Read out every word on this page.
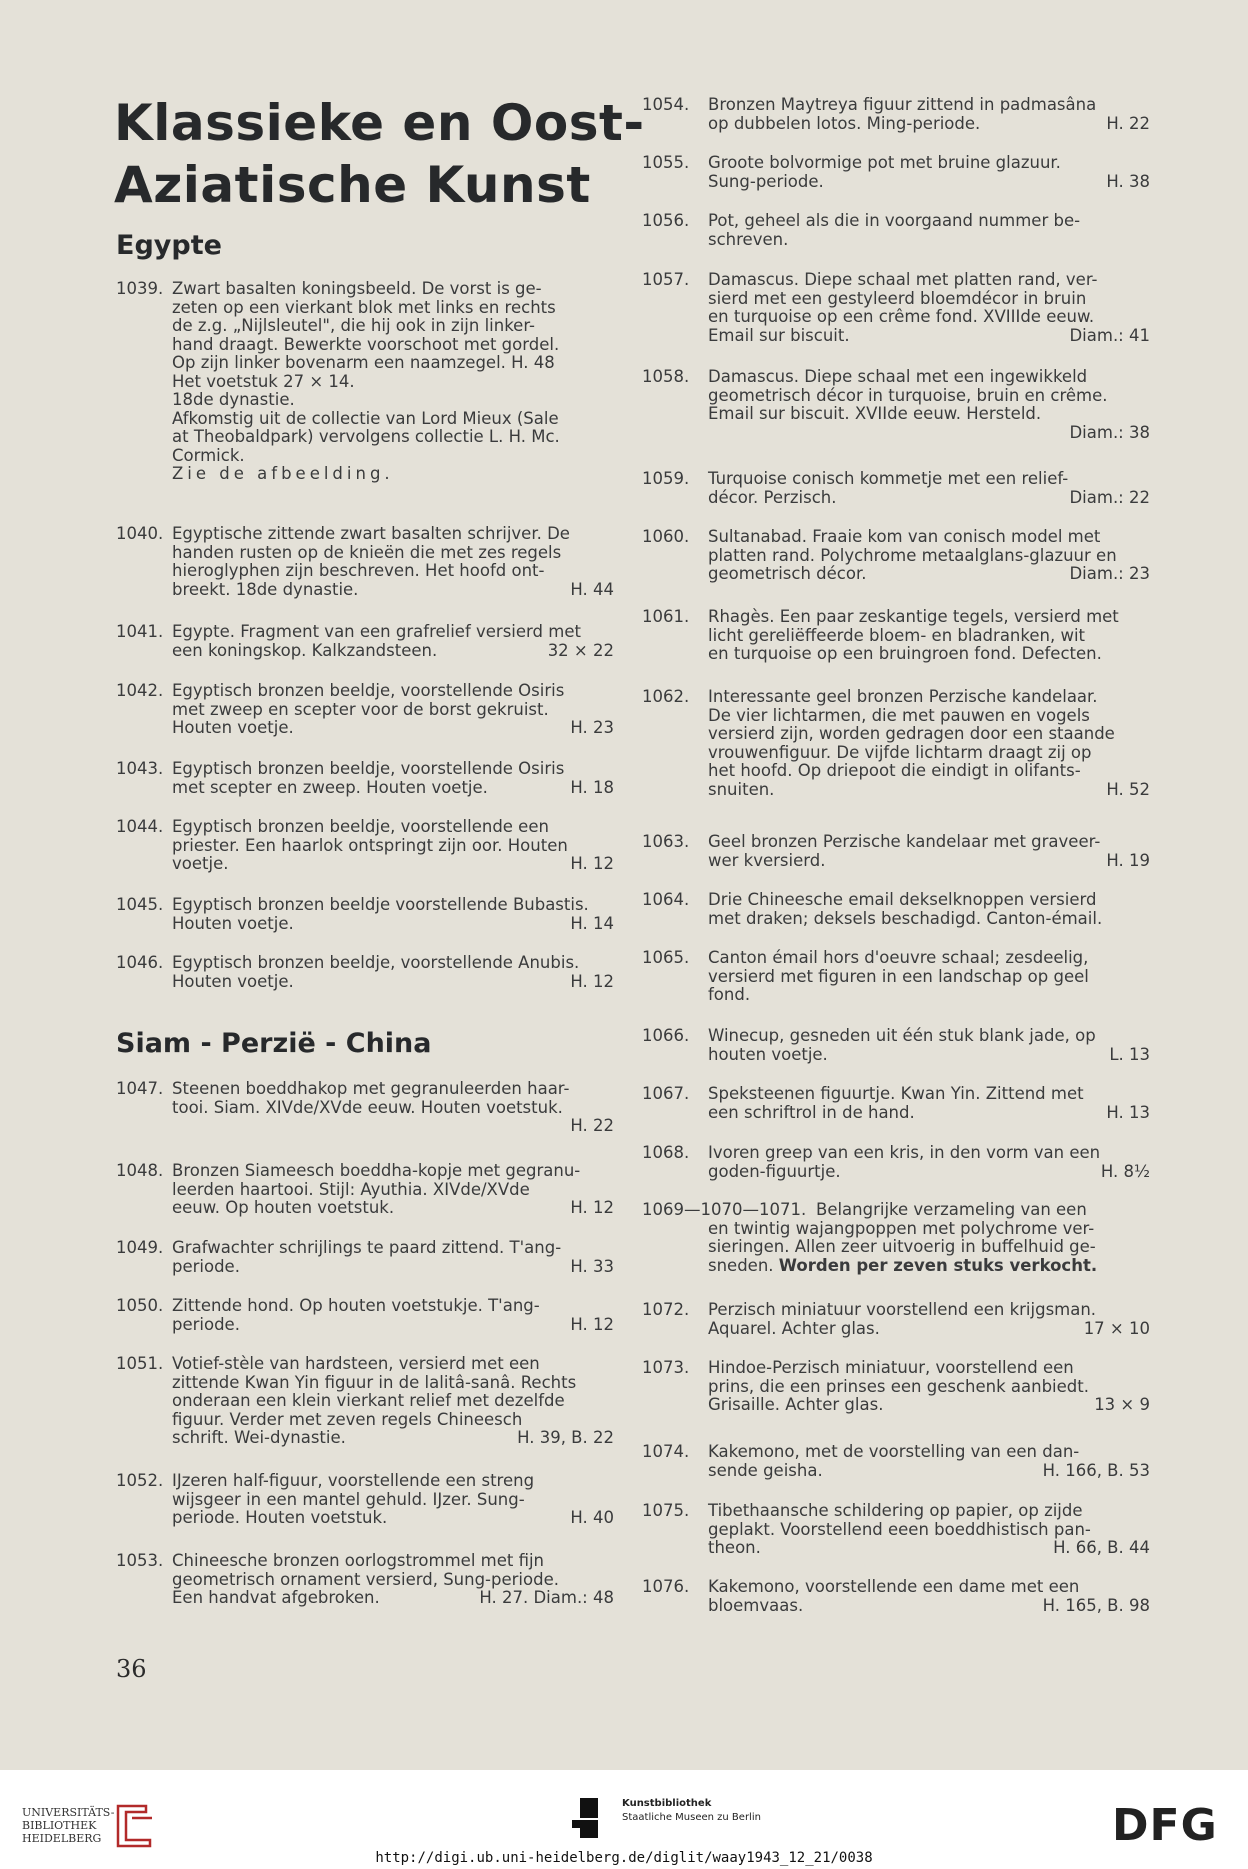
Klassieke en Oost-
Aziatische Kunst
Egypte
Siam - Perzië - China
1039. Zwart basalten koningsbeeld. De vorst is ge-
zeten op een vierkant blok met links en rechts
de z.g. „Nijlsleutel", die hij ook in zijn linker-
hand draagt. Bewerkte voorschoot met gordel.
Op zijn linker bovenarm een naamzegel. H. 48
Het voetstuk 27 × 14.
18de dynastie.
Afkomstig uit de collectie van Lord Mieux (Sale
at Theobaldpark) vervolgens collectie L. H. Mc.
Cormick.
Zie de afbeelding.
1040. Egyptische zittende zwart basalten schrijver. De
handen rusten op de knieën die met zes regels
hieroglyphen zijn beschreven. Het hoofd ont-
breekt. 18de dynastie.	H. 44
1041. Egypte. Fragment van een grafrelief versierd met
een koningskop. Kalkzandsteen.	32 × 22
1042. Egyptisch bronzen beeldje, voorstellende Osiris
met zweep en scepter voor de borst gekruist.
Houten voetje.	H. 23
1043. Egyptisch bronzen beeldje, voorstellende Osiris
met scepter en zweep. Houten voetje.	H. 18
1044. Egyptisch bronzen beeldje, voorstellende een
priester. Een haarlok ontspringt zijn oor. Houten
voetje.	H. 12
1045. Egyptisch bronzen beeldje voorstellende Bubastis.
Houten voetje.	H. 14
1046. Egyptisch bronzen beeldje, voorstellende Anubis.
Houten voetje.	H. 12
1047. Steenen boeddhakop met gegranuleerden haar-
tooi. Siam. XIVde/XVde eeuw. Houten voetstuk.
H. 22
1048. Bronzen Siameesch boeddha-kopje met gegranu-
leerden haartooi. Stijl: Ayuthia. XIVde/XVde
eeuw. Op houten voetstuk.	H. 12
1049. Grafwachter schrijlings te paard zittend. T'ang-
periode.	H. 33
1050. Zittende hond. Op houten voetstukje. T'ang-
periode.	H. 12
1051. Votief-stèle van hardsteen, versierd met een
zittende Kwan Yin figuur in de lalitâ-sanâ. Rechts
onderaan een klein vierkant relief met dezelfde
figuur. Verder met zeven regels Chineesch
schrift. Wei-dynastie.	H. 39, B. 22
1052. IJzeren half-figuur, voorstellende een streng
wijsgeer in een mantel gehuld. IJzer. Sung-
periode. Houten voetstuk.	H. 40
1053. Chineesche bronzen oorlogstrommel met fijn
geometrisch ornament versierd, Sung-periode.
Een handvat afgebroken.	H. 27. Diam.: 48
1054. Bronzen Maytreya figuur zittend in padmasâna
op dubbelen lotos. Ming-periode.	H. 22
1055. Groote bolvormige pot met bruine glazuur.
Sung-periode.	H. 38
1056. Pot, geheel als die in voorgaand nummer be-
schreven.
1057. Damascus. Diepe schaal met platten rand, ver-
sierd met een gestyleerd bloemdécor in bruin
en turquoise op een crême fond. XVIIIde eeuw.
Email sur biscuit.	Diam.: 41
1058. Damascus. Diepe schaal met een ingewikkeld
geometrisch décor in turquoise, bruin en crême.
Email sur biscuit. XVIIde eeuw. Hersteld.
Diam.: 38
1059. Turquoise conisch kommetje met een relief-
décor. Perzisch.	Diam.: 22
1060. Sultanabad. Fraaie kom van conisch model met
platten rand. Polychrome metaalglans-glazuur en
geometrisch décor.	Diam.: 23
1061. Rhagès. Een paar zeskantige tegels, versierd met
licht gereliëffeerde bloem- en bladranken, wit
en turquoise op een bruingroen fond. Defecten.
1062. Interessante geel bronzen Perzische kandelaar.
De vier lichtarmen, die met pauwen en vogels
versierd zijn, worden gedragen door een staande
vrouwenfiguur. De vijfde lichtarm draagt zij op
het hoofd. Op driepoot die eindigt in olifants-
snuiten.	H. 52
1063. Geel bronzen Perzische kandelaar met graveer-
wer kversierd.	H. 19
1064. Drie Chineesche email dekselknoppen versierd
met draken; deksels beschadigd. Canton-émail.
1065. Canton émail hors d'oeuvre schaal; zesdeelig,
versierd met figuren in een landschap op geel
fond.
1066. Winecup, gesneden uit één stuk blank jade, op
houten voetje.	L. 13
1067. Speksteenen figuurtje. Kwan Yin. Zittend met
een schriftrol in de hand.	H. 13
1068. Ivoren greep van een kris, in den vorm van een
goden-figuurtje.	H. 8½
1069—1070—1071. Belangrijke verzameling van een
en twintig wajangpoppen met polychrome ver-
sieringen. Allen zeer uitvoerig in buffelhuid ge-
sneden. Worden per zeven stuks verkocht.
1072. Perzisch miniatuur voorstellend een krijgsman.
Aquarel. Achter glas.	17 × 10
1073. Hindoe-Perzisch miniatuur, voorstellend een
prins, die een prinses een geschenk aanbiedt.
Grisaille. Achter glas.	13 × 9
1074. Kakemono, met de voorstelling van een dan-
sende geisha.	H. 166, B. 53
1075. Tibethaansche schildering op papier, op zijde
geplakt. Voorstellend eeen boeddhistisch pan-
theon.	H. 66, B. 44
1076. Kakemono, voorstellende een dame met een
bloemvaas.	H. 165, B. 98
36
UNIVERSITÄTS-
BIBLIOTHEK
HEIDELBERG
Kunstbibliothek
Staatliche Museen zu Berlin	DFG
http://digi.ub.uni-heidelberg.de/diglit/waay1943_12_21/0038
